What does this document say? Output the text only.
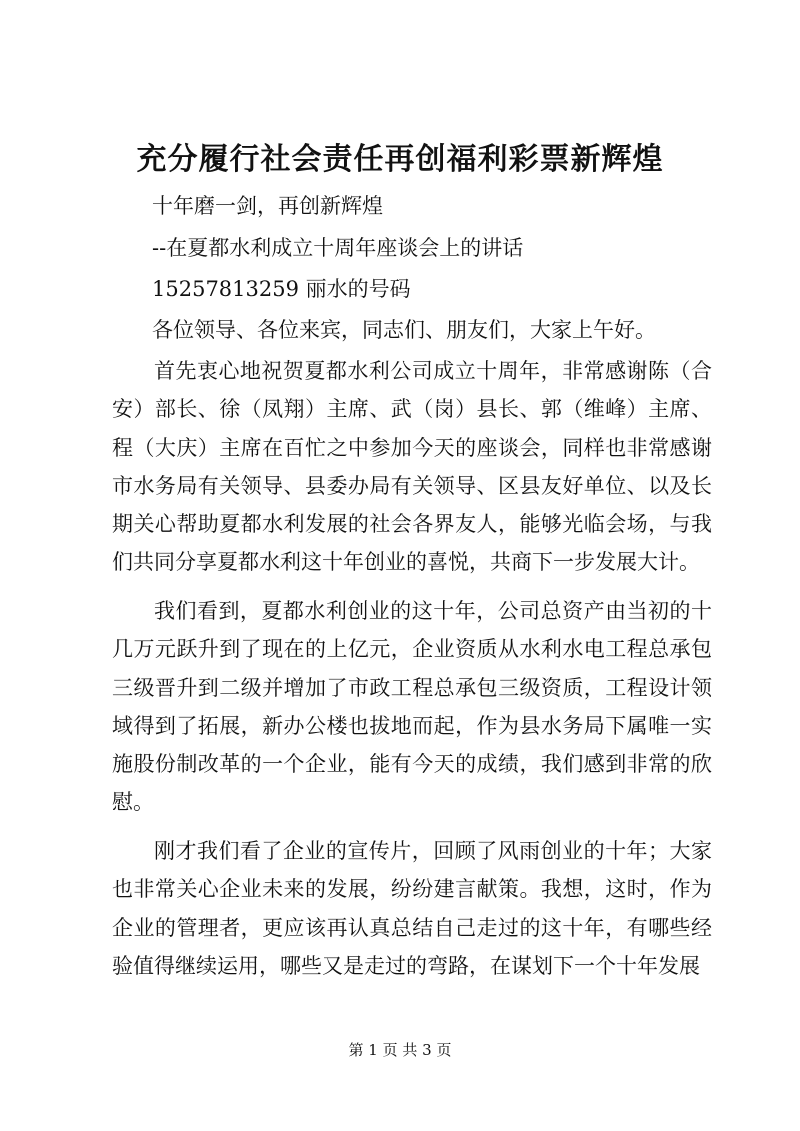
充分履行社会责任再创福利彩票新辉煌
十年磨一剑，再创新辉煌
--在夏都水利成立十周年座谈会上的讲话
15257813259 丽水的号码
各位领导、各位来宾，同志们、朋友们，大家上午好。
首先衷心地祝贺夏都水利公司成立十周年，非常感谢陈（合安）部长、徐（凤翔）主席、武（岗）县长、郭（维峰）主席、程（大庆）主席在百忙之中参加今天的座谈会，同样也非常感谢市水务局有关领导、县委办局有关领导、区县友好单位、以及长期关心帮助夏都水利发展的社会各界友人，能够光临会场，与我们共同分享夏都水利这十年创业的喜悦，共商下一步发展大计。
我们看到，夏都水利创业的这十年，公司总资产由当初的十几万元跃升到了现在的上亿元，企业资质从水利水电工程总承包三级晋升到二级并增加了市政工程总承包三级资质，工程设计领域得到了拓展，新办公楼也拔地而起，作为县水务局下属唯一实施股份制改革的一个企业，能有今天的成绩，我们感到非常的欣慰。
刚才我们看了企业的宣传片，回顾了风雨创业的十年；大家也非常关心企业未来的发展，纷纷建言献策。我想，这时，作为企业的管理者，更应该再认真总结自己走过的这十年，有哪些经验值得继续运用，哪些又是走过的弯路，在谋划下一个十年发展
第 1 页 共 3 页
